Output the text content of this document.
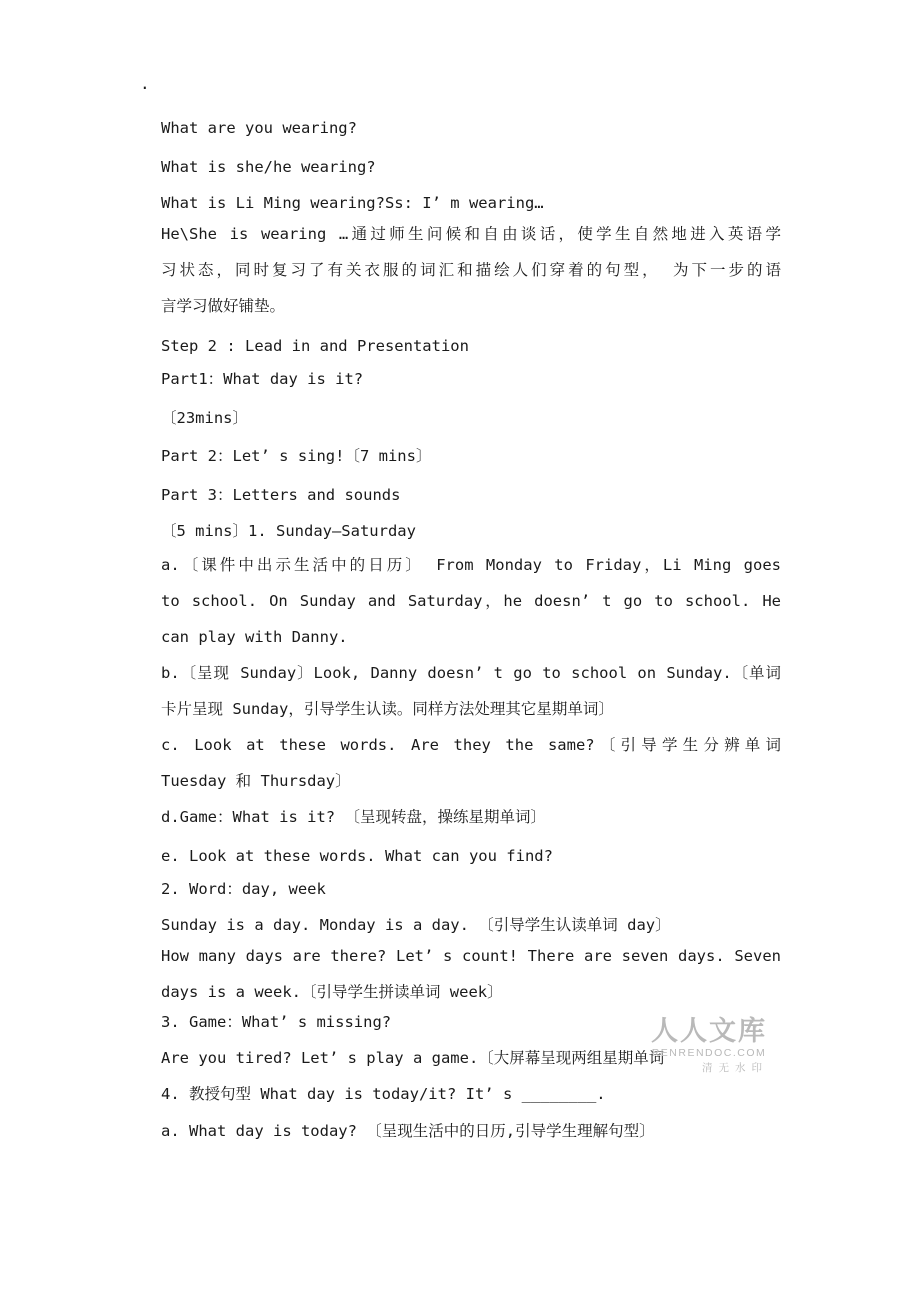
.

What are you wearing?

What is she/he wearing?

What is Li Ming wearing?Ss: I’ m wearing…

He\She is wearing …通过师生问候和自由谈话，使学生自然地进入英语学

习状态，同时复习了有关衣服的词汇和描绘人们穿着的句型， 为下一步的语

言学习做好铺垫。

Step 2 : Lead in and Presentation

Part1：What day is it?

〔23mins〕

Part 2：Let’ s sing!〔7 mins〕

Part 3：Letters and sounds

〔5 mins〕1. Sunday—Saturday

a.〔课件中出示生活中的日历〕 From Monday to Friday，Li Ming goes

to school. On Sunday and Saturday，he doesn’ t go to school. He

can play with Danny.

b.〔呈现 Sunday〕Look, Danny doesn’ t go to school on Sunday.〔单词

卡片呈现 Sunday，引导学生认读。同样方法处理其它星期单词〕

c. Look at these words. Are they the same?〔引导学生分辨单词

Tuesday 和 Thursday〕

d.Game：What is it? 〔呈现转盘，操练星期单词〕

e. Look at these words. What can you find?

2. Word：day, week

Sunday is a day. Monday is a day. 〔引导学生认读单词 day〕

How many days are there? Let’ s count! There are seven days. Seven

days is a week.〔引导学生拼读单词 week〕

3. Game：What’ s missing?

Are you tired? Let’ s play a game.〔大屏幕呈现两组星期单词

4. 教授句型 What day is today/it? It’ s ________.

a. What day is today? 〔呈现生活中的日历,引导学生理解句型〕

人人文库
RENRENDOC.COM
清无水印
